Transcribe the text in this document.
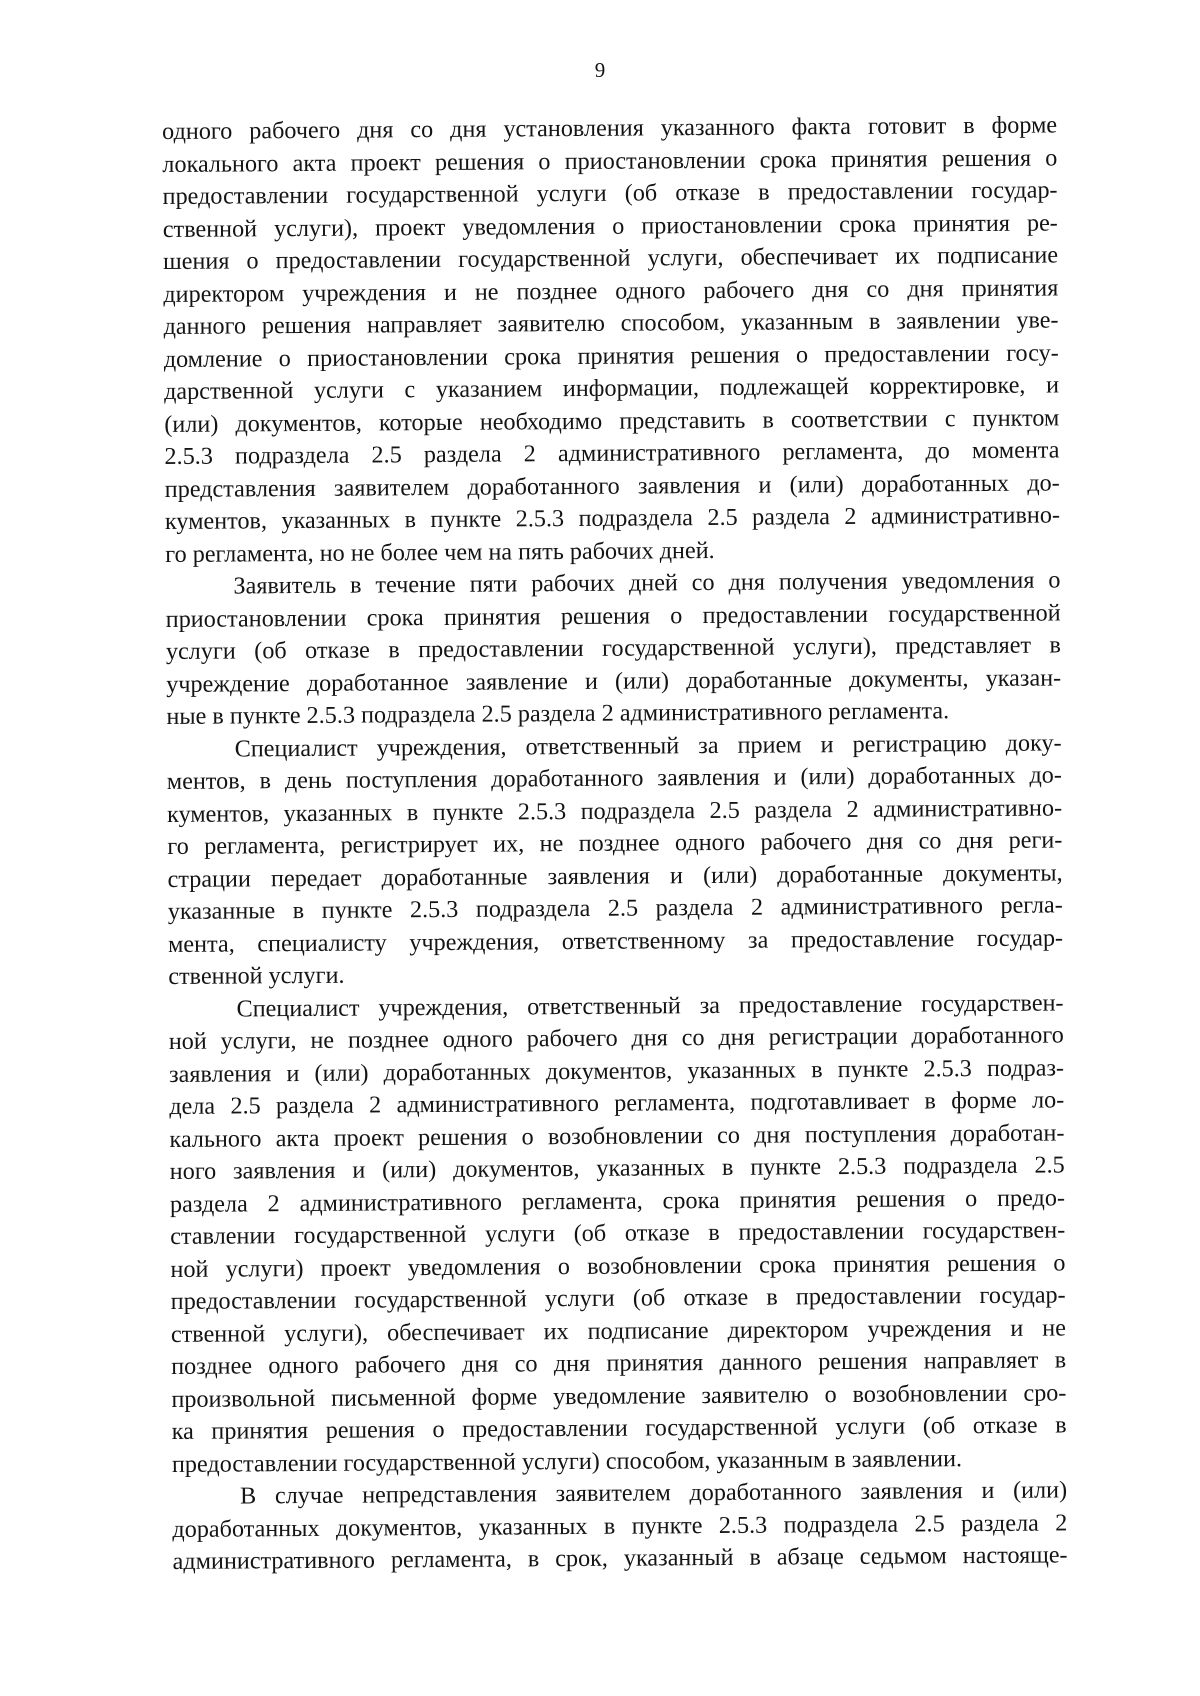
9
одного рабочего дня со дня установления указанного факта готовит в форме
локального акта проект решения о приостановлении срока принятия решения о
предоставлении государственной услуги (об отказе в предоставлении государ-
ственной услуги), проект уведомления о приостановлении срока принятия ре-
шения о предоставлении государственной услуги, обеспечивает их подписание
директором учреждения и не позднее одного рабочего дня со дня принятия
данного решения направляет заявителю способом, указанным в заявлении уве-
домление о приостановлении срока принятия решения о предоставлении госу-
дарственной услуги с указанием информации, подлежащей корректировке, и
(или) документов, которые необходимо представить в соответствии с пунктом
2.5.3 подраздела 2.5 раздела 2 административного регламента, до момента
представления заявителем доработанного заявления и (или) доработанных до-
кументов, указанных в пункте 2.5.3 подраздела 2.5 раздела 2 административно-
го регламента, но не более чем на пять рабочих дней.
Заявитель в течение пяти рабочих дней со дня получения уведомления о
приостановлении срока принятия решения о предоставлении государственной
услуги (об отказе в предоставлении государственной услуги), представляет в
учреждение доработанное заявление и (или) доработанные документы, указан-
ные в пункте 2.5.3 подраздела 2.5 раздела 2 административного регламента.
Специалист учреждения, ответственный за прием и регистрацию доку-
ментов, в день поступления доработанного заявления и (или) доработанных до-
кументов, указанных в пункте 2.5.3 подраздела 2.5 раздела 2 административно-
го регламента, регистрирует их, не позднее одного рабочего дня со дня реги-
страции передает доработанные заявления и (или) доработанные документы,
указанные в пункте 2.5.3 подраздела 2.5 раздела 2 административного регла-
мента, специалисту учреждения, ответственному за предоставление государ-
ственной услуги.
Специалист учреждения, ответственный за предоставление государствен-
ной услуги, не позднее одного рабочего дня со дня регистрации доработанного
заявления и (или) доработанных документов, указанных в пункте 2.5.3 подраз-
дела 2.5 раздела 2 административного регламента, подготавливает в форме ло-
кального акта проект решения о возобновлении со дня поступления доработан-
ного заявления и (или) документов, указанных в пункте 2.5.3 подраздела 2.5
раздела 2 административного регламента, срока принятия решения о предо-
ставлении государственной услуги (об отказе в предоставлении государствен-
ной услуги) проект уведомления о возобновлении срока принятия решения о
предоставлении государственной услуги (об отказе в предоставлении государ-
ственной услуги), обеспечивает их подписание директором учреждения и не
позднее одного рабочего дня со дня принятия данного решения направляет в
произвольной письменной форме уведомление заявителю о возобновлении сро-
ка принятия решения о предоставлении государственной услуги (об отказе в
предоставлении государственной услуги) способом, указанным в заявлении.
В случае непредставления заявителем доработанного заявления и (или)
доработанных документов, указанных в пункте 2.5.3 подраздела 2.5 раздела 2
административного регламента, в срок, указанный в абзаце седьмом настояще-
